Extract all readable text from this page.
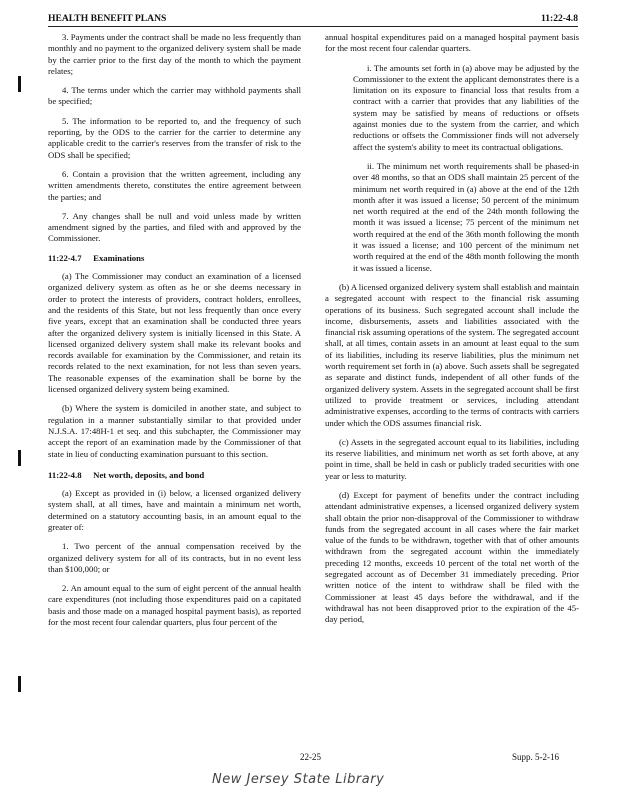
HEALTH BENEFIT PLANS	11:22-4.8

3. Payments under the contract shall be made no less frequently than monthly and no payment to the organized delivery system shall be made by the carrier prior to the first day of the month to which the payment relates;

4. The terms under which the carrier may withhold payments shall be specified;

5. The information to be reported to, and the frequency of such reporting, by the ODS to the carrier for the carrier to determine any applicable credit to the carrier's reserves from the transfer of risk to the ODS shall be specified;

6. Contain a provision that the written agreement, including any written amendments thereto, constitutes the entire agreement between the parties; and

7. Any changes shall be null and void unless made by written amendment signed by the parties, and filed with and approved by the Commissioner.

11:22-4.7 Examinations

(a) The Commissioner may conduct an examination of a licensed organized delivery system as often as he or she deems necessary in order to protect the interests of providers, contract holders, enrollees, and the residents of this State, but not less frequently than once every five years, except that an examination shall be conducted three years after the organized delivery system is initially licensed in this State. A licensed organized delivery system shall make its relevant books and records available for examination by the Commissioner, and retain its records related to the next examination, for not less than seven years. The reasonable expenses of the examination shall be borne by the licensed organized delivery system being examined.

(b) Where the system is domiciled in another state, and subject to regulation in a manner substantially similar to that provided under N.J.S.A. 17:48H-1 et seq. and this subchapter, the Commissioner may accept the report of an examination made by the Commissioner of that state in lieu of conducting examination pursuant to this section.

11:22-4.8 Net worth, deposits, and bond

(a) Except as provided in (i) below, a licensed organized delivery system shall, at all times, have and maintain a minimum net worth, determined on a statutory accounting basis, in an amount equal to the greater of:

1. Two percent of the annual compensation received by the organized delivery system for all of its contracts, but in no event less than $100,000; or

2. An amount equal to the sum of eight percent of the annual health care expenditures (not including those expenditures paid on a capitated basis and those made on a managed hospital payment basis), as reported for the most recent four calendar quarters, plus four percent of the

annual hospital expenditures paid on a managed hospital payment basis for the most recent four calendar quarters.

i. The amounts set forth in (a) above may be adjusted by the Commissioner to the extent the applicant demonstrates there is a limitation on its exposure to financial loss that results from a contract with a carrier that provides that any liabilities of the system may be satisfied by means of reductions or offsets against monies due to the system from the carrier, and which reductions or offsets the Commissioner finds will not adversely affect the system's ability to meet its contractual obligations.

ii. The minimum net worth requirements shall be phased-in over 48 months, so that an ODS shall maintain 25 percent of the minimum net worth required in (a) above at the end of the 12th month after it was issued a license; 50 percent of the minimum net worth required at the end of the 24th month following the month it was issued a license; 75 percent of the minimum net worth required at the end of the 36th month following the month it was issued a license; and 100 percent of the minimum net worth required at the end of the 48th month following the month it was issued a license.

(b) A licensed organized delivery system shall establish and maintain a segregated account with respect to the financial risk assuming operations of its business. Such segregated account shall include the income, disbursements, assets and liabilities associated with the financial risk assuming operations of the system. The segregated account shall, at all times, contain assets in an amount at least equal to the sum of its liabilities, including its reserve liabilities, plus the minimum net worth requirement set forth in (a) above. Such assets shall be segregated as separate and distinct funds, independent of all other funds of the organized delivery system. Assets in the segregated account shall be first utilized to provide treatment or services, including attendant administrative expenses, according to the terms of contracts with carriers under which the ODS assumes financial risk.

(c) Assets in the segregated account equal to its liabilities, including its reserve liabilities, and minimum net worth as set forth above, at any point in time, shall be held in cash or publicly traded securities with one year or less to maturity.

(d) Except for payment of benefits under the contract including attendant administrative expenses, a licensed organized delivery system shall obtain the prior non-disapproval of the Commissioner to withdraw funds from the segregated account in all cases where the fair market value of the funds to be withdrawn, together with that of other amounts withdrawn from the segregated account within the immediately preceding 12 months, exceeds 10 percent of the total net worth of the segregated account as of December 31 immediately preceding. Prior written notice of the intent to withdraw shall be filed with the Commissioner at least 45 days before the withdrawal, and if the withdrawal has not been disapproved prior to the expiration of the 45-day period,

22-25	Supp. 5-2-16
New Jersey State Library
